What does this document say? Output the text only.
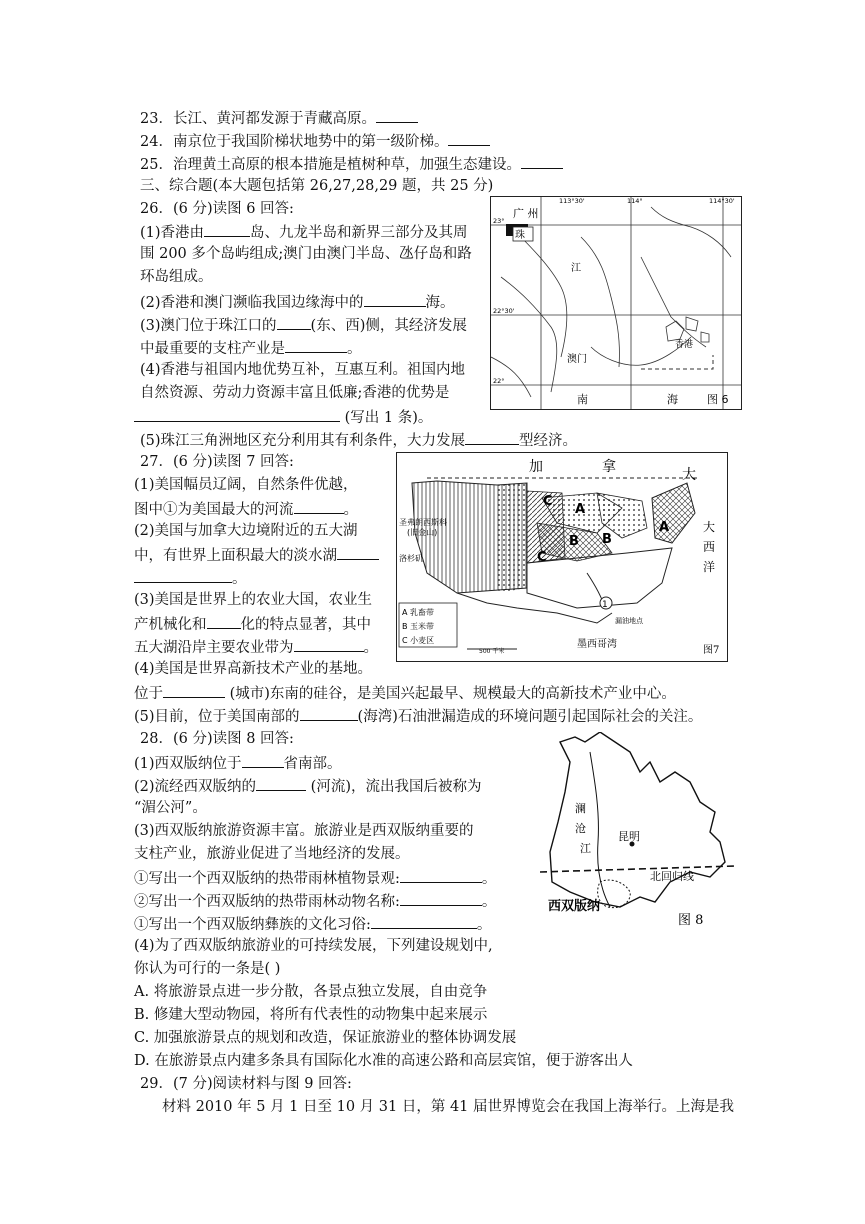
23．长江、黄河都发源于青藏高原。
24．南京位于我国阶梯状地势中的第一级阶梯。
25．治理黄土高原的根本措施是植树种草，加强生态建设。
三、综合题(本大题包括第 26,27,28,29 题，共 25 分)
26．(6 分)读图 6 回答:
(1)香港由	岛、九龙半岛和新界三部分及其周
围 200 多个岛屿组成;澳门由澳门半岛、氹仔岛和路
环岛组成。
(2)香港和澳门濒临我国边缘海中的	海。
(3)澳门位于珠江口的 (东、西)侧，其经济发展
中最重要的支柱产业是	。
(4)香港与祖国内地优势互补，互惠互利。祖国内地
自然资源、劳动力资源丰富且低廉;香港的优势是
(写出 1 条)。
(5)珠江三角洲地区充分利用其有利条件，大力发展	型经济。
广 州
珠
江
113°30'	114°	114°30'
23°
22°30'
22°
澳门
香港
南	海	图 6
27．(6 分)读图 7 回答:
(1)美国幅员辽阔，自然条件优越，
图中①为美国最大的河流	。
(2)美国与加拿大边境附近的五大湖
中，有世界上面积最大的淡水湖
。
(3)美国是世界上的农业大国，农业生
产机械化和 化的特点显著，其中
五大湖沿岸主要农业带为	。
(4)美国是世界高新技术产业的基地。
位于	(城市)东南的硅谷，是美国兴起最早、规模最大的高新技术产业中心。
(5)目前，位于美国南部的	(海湾)石油泄漏造成的环境问题引起国际社会的关注。
加	拿	大
大
西
洋
C
A
B B
A
C
1
圣弗朗西斯科
(旧金山)
洛杉矶
漏油地点
墨西哥湾
A 乳畜带
B 玉米带
C 小麦区
500 千米	图7
28．(6 分)读图 8 回答:
(1)西双版纳位于	省南部。
(2)流经西双版纳的	(河流)，流出我国后被称为
“湄公河”。
(3)西双版纳旅游资源丰富。旅游业是西双版纳重要的
支柱产业，旅游业促进了当地经济的发展。
①写出一个西双版纳的热带雨林植物景观:	。
②写出一个西双版纳的热带雨林动物名称:	。
①写出一个西双版纳彝族的文化习俗:	。
(4)为了西双版纳旅游业的可持续发展，下列建设规划中,
你认为可行的一条是( )
A. 将旅游景点进一步分散，各景点独立发展，自由竞争
B. 修建大型动物园，将所有代表性的动物集中起来展示
C. 加强旅游景点的规划和改造，保证旅游业的整体协调发展
D. 在旅游景点内建多条具有国际化水准的高速公路和高层宾馆，便于游客出人
澜
沧
江
昆明
北回归线
西双版纳
图 8
29．(7 分)阅读材料与图 9 回答:
材料 2010 年 5 月 1 日至 10 月 31 日，第 41 届世界博览会在我国上海举行。上海是我
